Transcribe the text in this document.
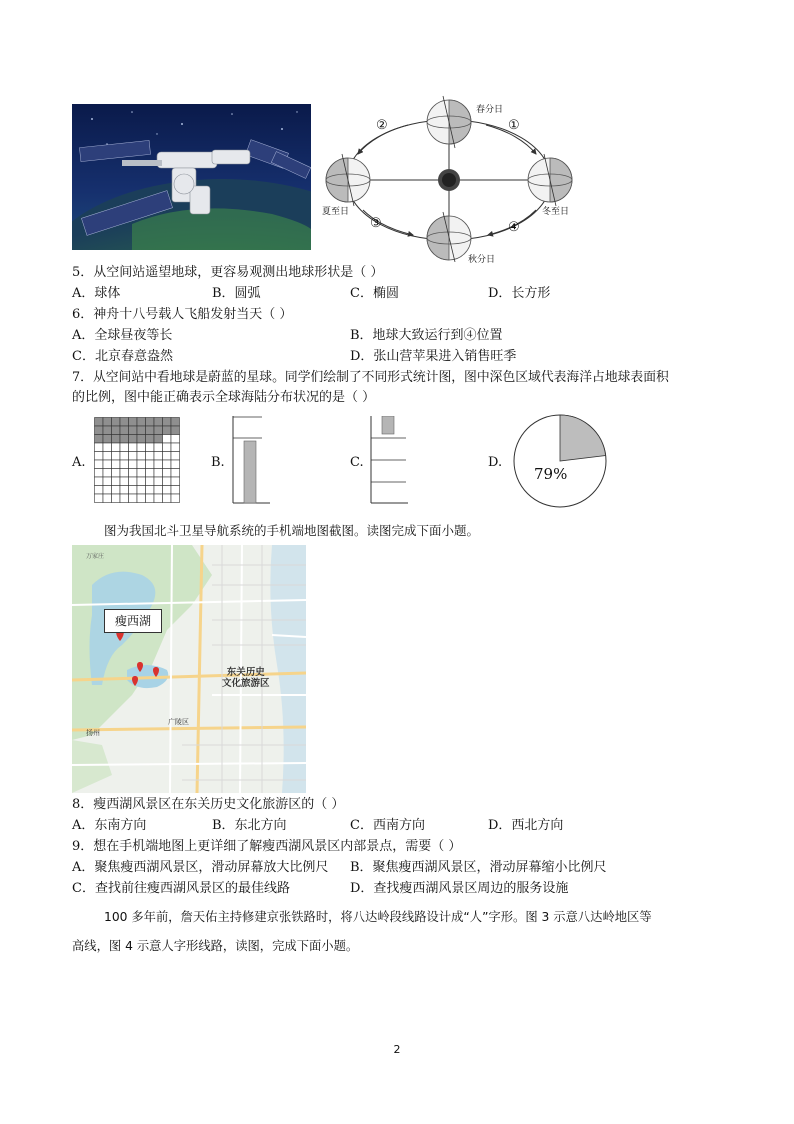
春分日
夏至日	冬至日
秋分日
①
②
③	④
5．从空间站遥望地球，更容易观测出地球形状是（ ）
A．球体	B．圆弧	C．椭圆	D．长方形
6．神舟十八号载人飞船发射当天（ ）
A．全球昼夜等长	B．地球大致运行到④位置
C．北京春意盎然	D．张山营苹果进入销售旺季
7．从空间站中看地球是蔚蓝的星球。同学们绘制了不同形式统计图，图中深色区域代表海洋占地球表面积
的比例，图中能正确表示全球海陆分布状况的是（ ）
A.	B.	C.	D.
79%
图为我国北斗卫星导航系统的手机端地图截图。读图完成下面小题。
瘦西湖
东关历史
文化旅游区
万家庄
扬州
广陵区
8．瘦西湖风景区在东关历史文化旅游区的（ ）
A．东南方向	B．东北方向	C．西南方向	D．西北方向
9．想在手机端地图上更详细了解瘦西湖风景区内部景点，需要（ ）
A．聚焦瘦西湖风景区，滑动屏幕放大比例尺 B．聚焦瘦西湖风景区，滑动屏幕缩小比例尺
C．查找前往瘦西湖风景区的最佳线路	D．查找瘦西湖风景区周边的服务设施
100 多年前，詹天佑主持修建京张铁路时，将八达岭段线路设计成“人”字形。图 3 示意八达岭地区等
高线，图 4 示意人字形线路，读图，完成下面小题。
2
